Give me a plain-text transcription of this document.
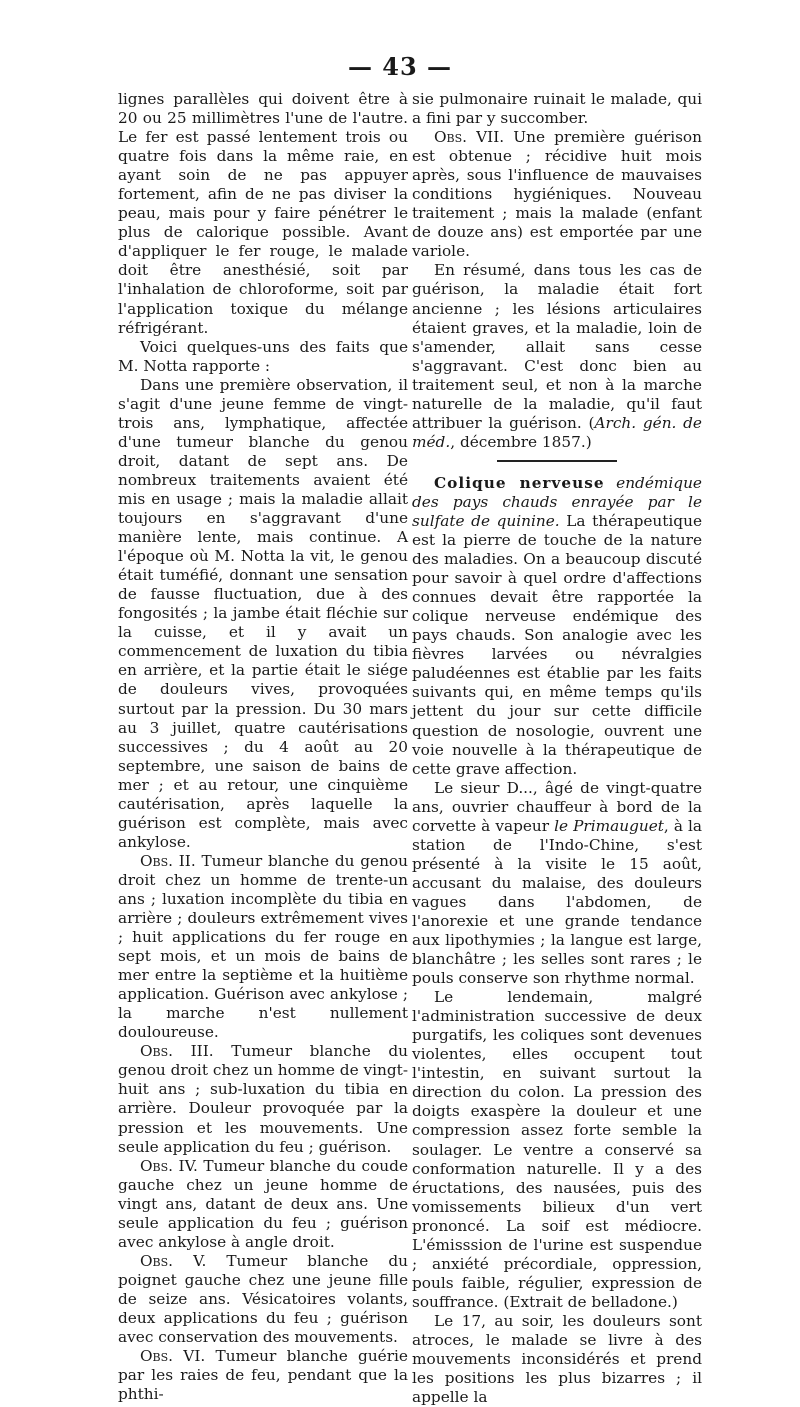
— 43 —

lignes parallèles qui doivent être à 20 ou 25 millimètres l'une de l'autre. Le fer est passé lentement trois ou quatre fois dans la même raie, en ayant soin de ne pas appuyer fortement, afin de ne pas diviser la peau, mais pour y faire pénétrer le plus de calorique possible. Avant d'appliquer le fer rouge, le malade doit être anesthésié, soit par l'inhalation de chloroforme, soit par l'application toxique du mélange réfrigérant.

Voici quelques-uns des faits que M. Notta rapporte :

Dans une première observation, il s'agit d'une jeune femme de vingt-trois ans, lymphatique, affectée d'une tumeur blanche du genou droit, datant de sept ans. De nombreux traitements avaient été mis en usage ; mais la maladie allait toujours en s'aggravant d'une manière lente, mais continue. A l'époque où M. Notta la vit, le genou était tuméfié, donnant une sensation de fausse fluctuation, due à des fongosités ; la jambe était fléchie sur la cuisse, et il y avait un commencement de luxation du tibia en arrière, et la partie était le siége de douleurs vives, provoquées surtout par la pression. Du 30 mars au 3 juillet, quatre cautérisations successives ; du 4 août au 20 septembre, une saison de bains de mer ; et au retour, une cinquième cautérisation, après laquelle la guérison est complète, mais avec ankylose.

Obs. II. Tumeur blanche du genou droit chez un homme de trente-un ans ; luxation incomplète du tibia en arrière ; douleurs extrêmement vives ; huit applications du fer rouge en sept mois, et un mois de bains de mer entre la septième et la huitième application. Guérison avec ankylose ; la marche n'est nullement douloureuse.

Obs. III. Tumeur blanche du genou droit chez un homme de vingt-huit ans ; sub-luxation du tibia en arrière. Douleur provoquée par la pression et les mouvements. Une seule application du feu ; guérison.

Obs. IV. Tumeur blanche du coude gauche chez un jeune homme de vingt ans, datant de deux ans. Une seule application du feu ; guérison avec ankylose à angle droit.

Obs. V. Tumeur blanche du poignet gauche chez une jeune fille de seize ans. Vésicatoires volants, deux applications du feu ; guérison avec conservation des mouvements.

Obs. VI. Tumeur blanche guérie par les raies de feu, pendant que la phthi-

sie pulmonaire ruinait le malade, qui a fini par y succomber.

Obs. VII. Une première guérison est obtenue ; récidive huit mois après, sous l'influence de mauvaises conditions hygiéniques. Nouveau traitement ; mais la malade (enfant de douze ans) est emportée par une variole.

En résumé, dans tous les cas de guérison, la maladie était fort ancienne ; les lésions articulaires étaient graves, et la maladie, loin de s'amender, allait sans cesse s'aggravant. C'est donc bien au traitement seul, et non à la marche naturelle de la maladie, qu'il faut attribuer la guérison. (Arch. gén. de méd., décembre 1857.)

Colique nerveuse endémique des pays chauds enrayée par le sulfate de quinine. La thérapeutique est la pierre de touche de la nature des maladies. On a beaucoup discuté pour savoir à quel ordre d'affections connues devait être rapportée la colique nerveuse endémique des pays chauds. Son analogie avec les fièvres larvées ou névralgies paludéennes est établie par les faits suivants qui, en même temps qu'ils jettent du jour sur cette difficile question de nosologie, ouvrent une voie nouvelle à la thérapeutique de cette grave affection.

Le sieur D..., âgé de vingt-quatre ans, ouvrier chauffeur à bord de la corvette à vapeur le Primauguet, à la station de l'Indo-Chine, s'est présenté à la visite le 15 août, accusant du malaise, des douleurs vagues dans l'abdomen, de l'anorexie et une grande tendance aux lipothymies ; la langue est large, blanchâtre ; les selles sont rares ; le pouls conserve son rhythme normal.

Le lendemain, malgré l'administration successive de deux purgatifs, les coliques sont devenues violentes, elles occupent tout l'intestin, en suivant surtout la direction du colon. La pression des doigts exaspère la douleur et une compression assez forte semble la soulager. Le ventre a conservé sa conformation naturelle. Il y a des éructations, des nausées, puis des vomissements bilieux d'un vert prononcé. La soif est médiocre. L'émisssion de l'urine est suspendue ; anxiété précordiale, oppression, pouls faible, régulier, expression de souffrance. (Extrait de belladone.)

Le 17, au soir, les douleurs sont atroces, le malade se livre à des mouvements inconsidérés et prend les positions les plus bizarres ; il appelle la
